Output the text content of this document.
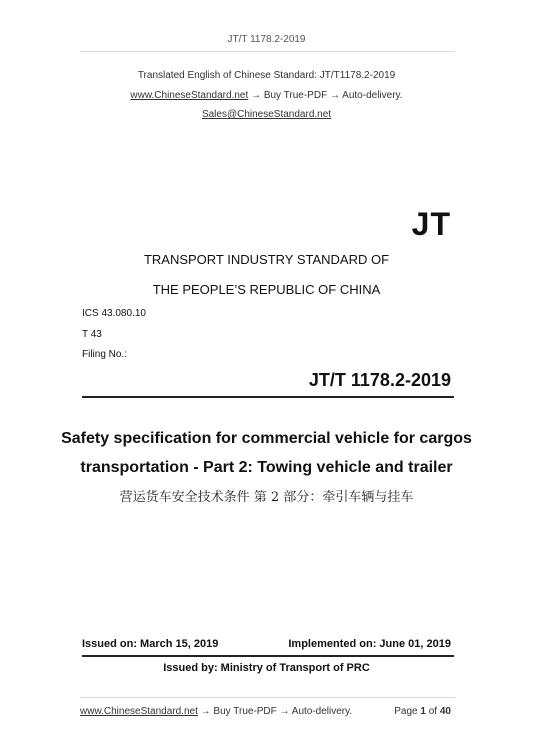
JT/T 1178.2-2019
Translated English of Chinese Standard: JT/T1178.2-2019
www.ChineseStandard.net → Buy True-PDF → Auto-delivery.
Sales@ChineseStandard.net
JT
TRANSPORT INDUSTRY STANDARD OF
THE PEOPLE’S REPUBLIC OF CHINA
ICS 43.080.10
T 43
Filing No.:
JT/T 1178.2-2019
Safety specification for commercial vehicle for cargos
transportation - Part 2: Towing vehicle and trailer
营运货车安全技术条件 第 2 部分：牵引车辆与挂车
Issued on: March 15, 2019	Implemented on: June 01, 2019
Issued by: Ministry of Transport of PRC
www.ChineseStandard.net → Buy True-PDF → Auto-delivery.	Page 1 of 40
